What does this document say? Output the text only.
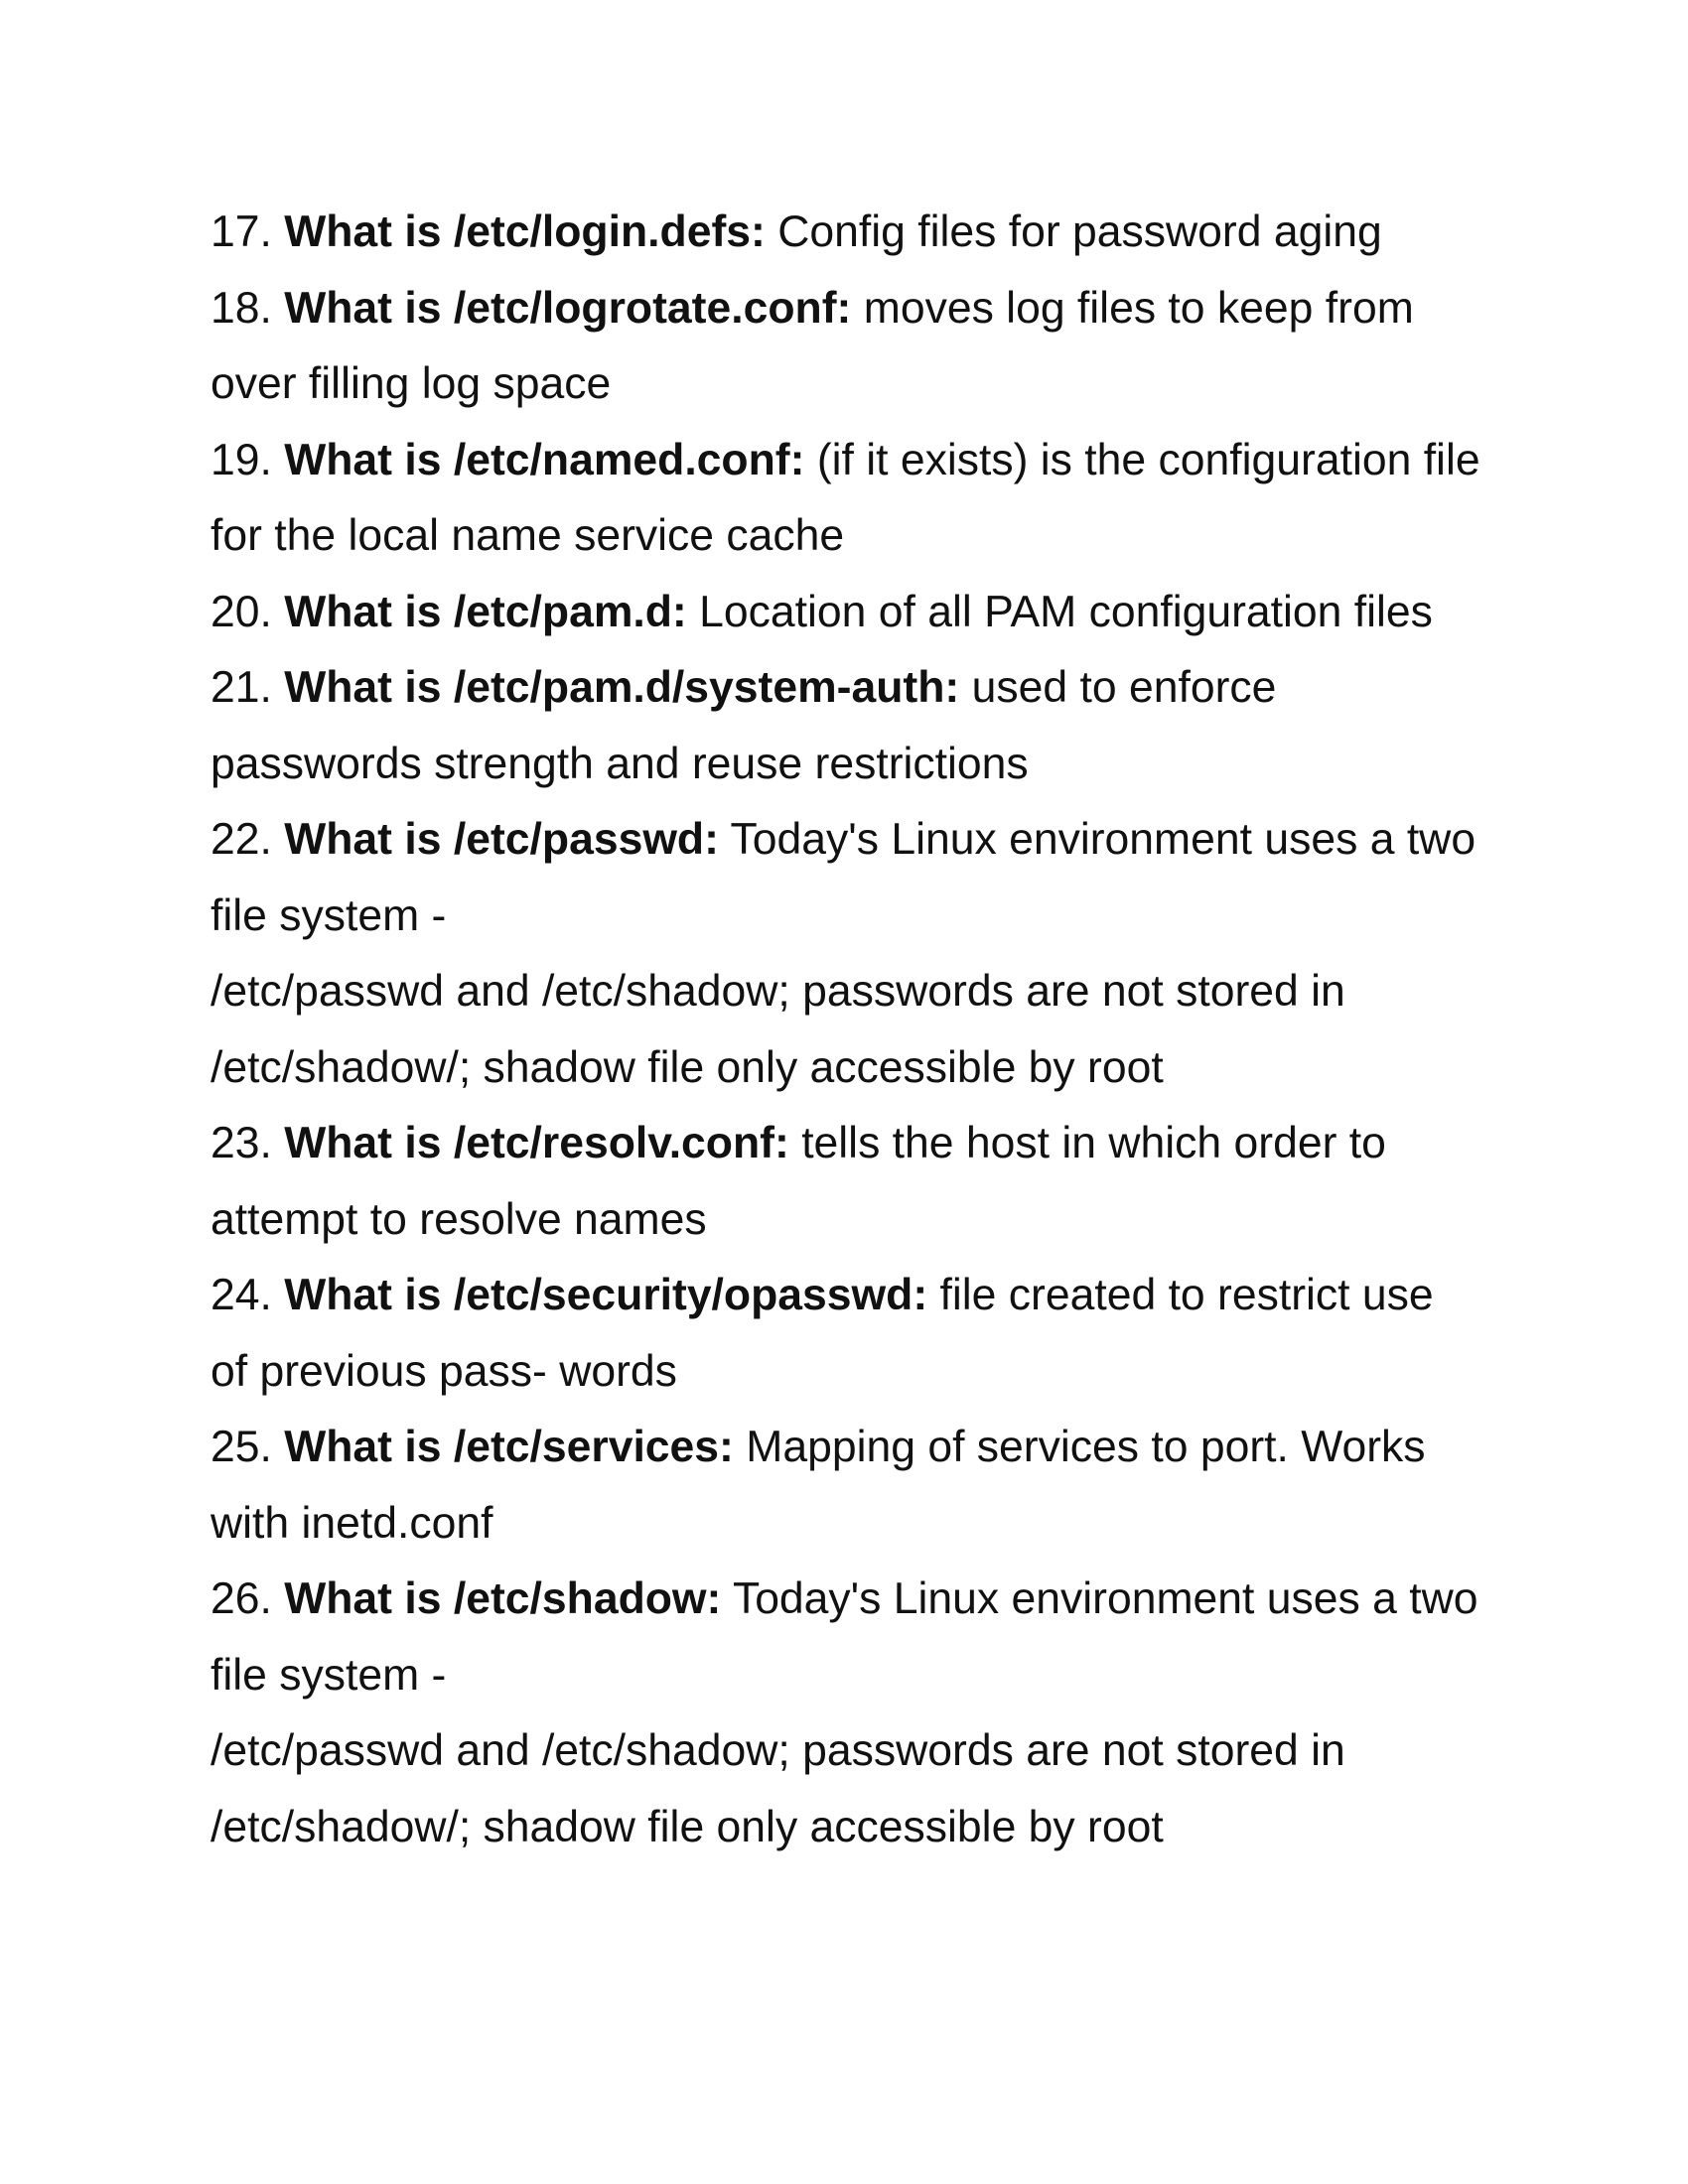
17. What is /etc/login.defs: Config files for password aging
18. What is /etc/logrotate.conf: moves log files to keep from
over filling log space
19. What is /etc/named.conf: (if it exists) is the configuration file
for the local name service cache
20. What is /etc/pam.d: Location of all PAM configuration files
21. What is /etc/pam.d/system-auth: used to enforce
passwords strength and reuse restrictions
22. What is /etc/passwd: Today's Linux environment uses a two
file system -
/etc/passwd and /etc/shadow; passwords are not stored in
/etc/shadow/; shadow file only accessible by root
23. What is /etc/resolv.conf: tells the host in which order to
attempt to resolve names
24. What is /etc/security/opasswd: file created to restrict use
of previous pass- words
25. What is /etc/services: Mapping of services to port. Works
with inetd.conf
26. What is /etc/shadow: Today's Linux environment uses a two
file system -
/etc/passwd and /etc/shadow; passwords are not stored in
/etc/shadow/; shadow file only accessible by root
